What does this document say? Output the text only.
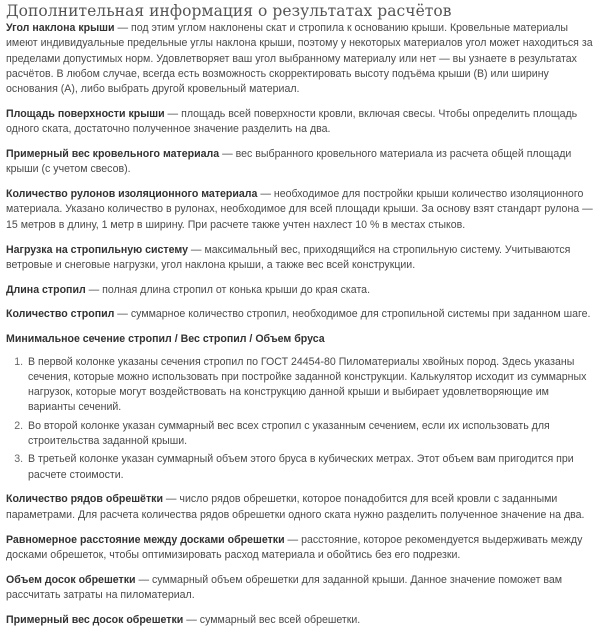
Дополнительная информация о результатах расчётов

Угол наклона крыши — под этим углом наклонены скат и стропила к основанию крыши. Кровельные материалы имеют индивидуальные предельные углы наклона крыши, поэтому у некоторых материалов угол может находиться за пределами допустимых норм. Удовлетворяет ваш угол выбранному материалу или нет — вы узнаете в результатах расчётов. В любом случае, всегда есть возможность скорректировать высоту подъёма крыши (B) или ширину основания (A), либо выбрать другой кровельный материал.

Площадь поверхности крыши — площадь всей поверхности кровли, включая свесы. Чтобы определить площадь одного ската, достаточно полученное значение разделить на два.

Примерный вес кровельного материала — вес выбранного кровельного материала из расчета общей площади крыши (с учетом свесов).

Количество рулонов изоляционного материала — необходимое для постройки крыши количество изоляционного материала. Указано количество в рулонах, необходимое для всей площади крыши. За основу взят стандарт рулона — 15 метров в длину, 1 метр в ширину. При расчете также учтен нахлест 10 % в местах стыков.

Нагрузка на стропильную систему — максимальный вес, приходящийся на стропильную систему. Учитываются ветровые и снеговые нагрузки, угол наклона крыши, а также вес всей конструкции.

Длина стропил — полная длина стропил от конька крыши до края ската.

Количество стропил — суммарное количество стропил, необходимое для стропильной системы при заданном шаге.

Минимальное сечение стропил / Вес стропил / Объем бруса

1. В первой колонке указаны сечения стропил по ГОСТ 24454-80 Пиломатериалы хвойных пород. Здесь указаны сечения, которые можно использовать при постройке заданной конструкции. Калькулятор исходит из суммарных нагрузок, которые могут воздействовать на конструкцию данной крыши и выбирает удовлетворяющие им варианты сечений.
2. Во второй колонке указан суммарный вес всех стропил с указанным сечением, если их использовать для строительства заданной крыши.
3. В третьей колонке указан суммарный объем этого бруса в кубических метрах. Этот объем вам пригодится при расчете стоимости.

Количество рядов обрешётки — число рядов обрешетки, которое понадобится для всей кровли с заданными параметрами. Для расчета количества рядов обрешетки одного ската нужно разделить полученное значение на два.

Равномерное расстояние между досками обрешетки — расстояние, которое рекомендуется выдерживать между досками обрешеток, чтобы оптимизировать расход материала и обойтись без его подрезки.

Объем досок обрешетки — суммарный объем обрешетки для заданной крыши. Данное значение поможет вам рассчитать затраты на пиломатериал.

Примерный вес досок обрешетки — суммарный вес всей обрешетки.
